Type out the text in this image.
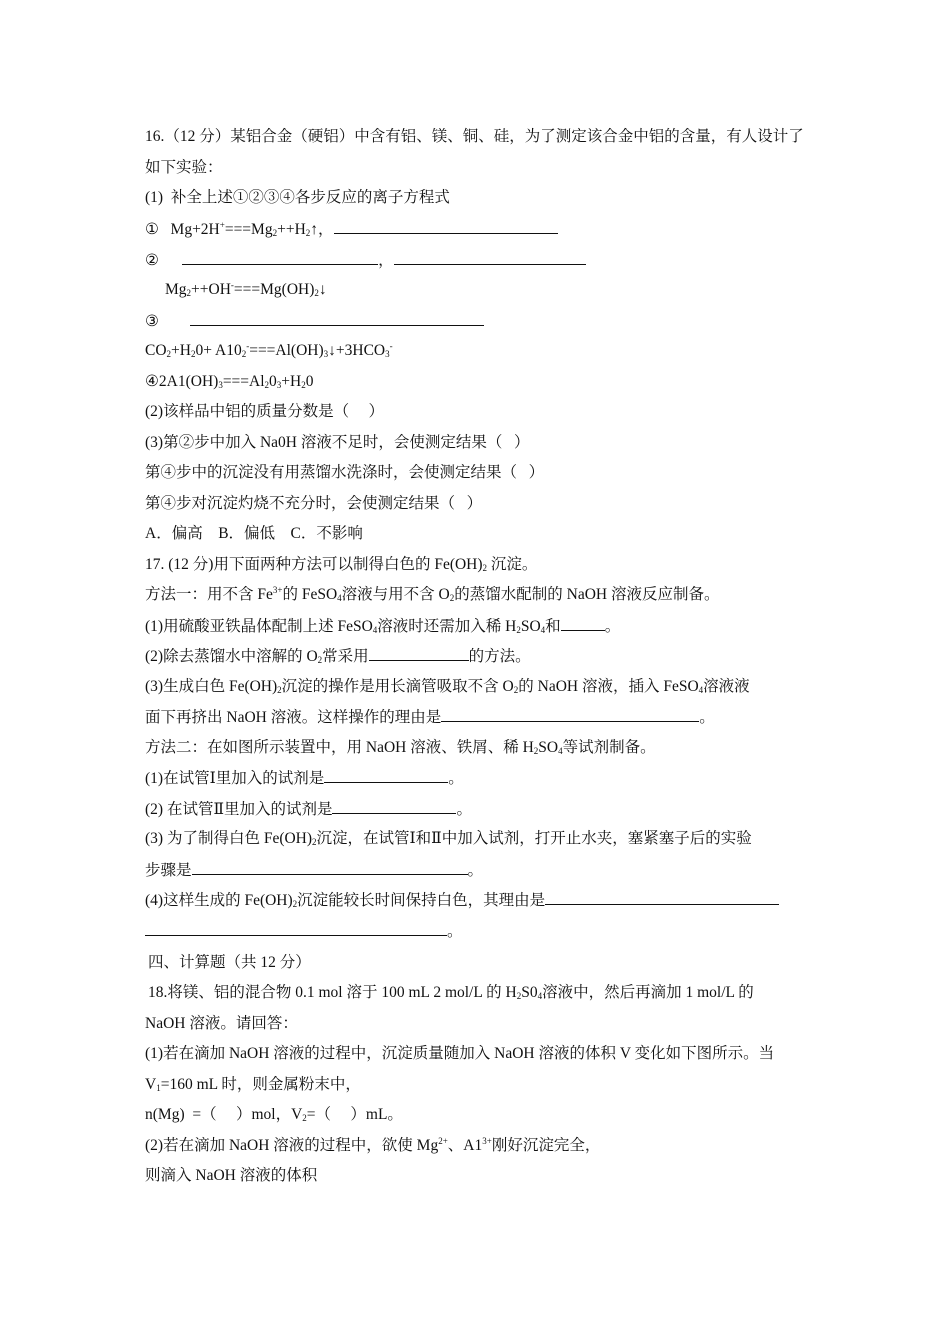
16.（12 分）某铝合金（硬铝）中含有铝、镁、铜、硅，为了测定该合金中铝的含量，有人设计了
如下实验：
(1)  补全上述①②③④各步反应的离子方程式
① $Mg+2H^+===Mg_2++H_2↑$，
②	，
$Mg_2++OH^-===Mg(OH)_2↓$
③
$CO_2+H_20+$ $A10_2^-===Al(OH)_3↓+3HCO_3^-$
$④2A1(OH)_3===Al_20_3+H_20$
(2)该样品中铝的质量分数是（     ）
(3)第②步中加入 Na0H 溶液不足时，会使测定结果（   ）
第④步中的沉淀没有用蒸馏水洗涤时，会使测定结果（   ）
第④步对沉淀灼烧不充分时，会使测定结果（   ）
A．偏高    B．偏低    C．不影响
17. (12 分)用下面两种方法可以制得白色的 $Fe(OH)_2$ 沉淀。
方法一：用不含 $Fe^{3+}$的 FeSO$_4$溶液与用不含 $O_2$的蒸馏水配制的 NaOH 溶液反应制备。
(1)用硫酸亚铁晶体配制上述 FeSO$_4$溶液时还需加入稀 $H_2SO_4$和	。
(2)除去蒸馏水中溶解的 $O_2$常采用	的方法。
(3)生成白色 $Fe(OH)_2$沉淀的操作是用长滴管吸取不含 $O_2$的 NaOH 溶液，插入 FeSO$_4$溶液液
面下再挤出 NaOH 溶液。这样操作的理由是	。
方法二：在如图所示装置中，用 NaOH 溶液、铁屑、稀 $H_2SO_4$等试剂制备。
(1)在试管Ⅰ里加入的试剂是	。
(2) 在试管Ⅱ里加入的试剂是	。
(3) 为了制得白色 $Fe(OH)_2$沉淀，在试管Ⅰ和Ⅱ中加入试剂，打开止水夹，塞紧塞子后的实验
步骤是	。
(4)这样生成的 $Fe(OH)_2$沉淀能较长时间保持白色，其理由是
。
四、计算题（共 12 分）
18.将镁、铝的混合物 0.1 mol 溶于 100 mL 2 mol/L 的 $H_2S0_4$溶液中，然后再滴加 1 mol/L 的
NaOH 溶液。请回答：
(1)若在滴加 NaOH 溶液的过程中，沉淀质量随加入 NaOH 溶液的体积 V 变化如下图所示。当
$V_1=160$ mL 时，则金属粉末中，
n(Mg)  =（     ）mol，$V_2=$（     ）mL。
(2)若在滴加 NaOH 溶液的过程中，欲使 $Mg^{2+}$、$A1^{3+}$刚好沉淀完全，
则滴入 NaOH 溶液的体积
